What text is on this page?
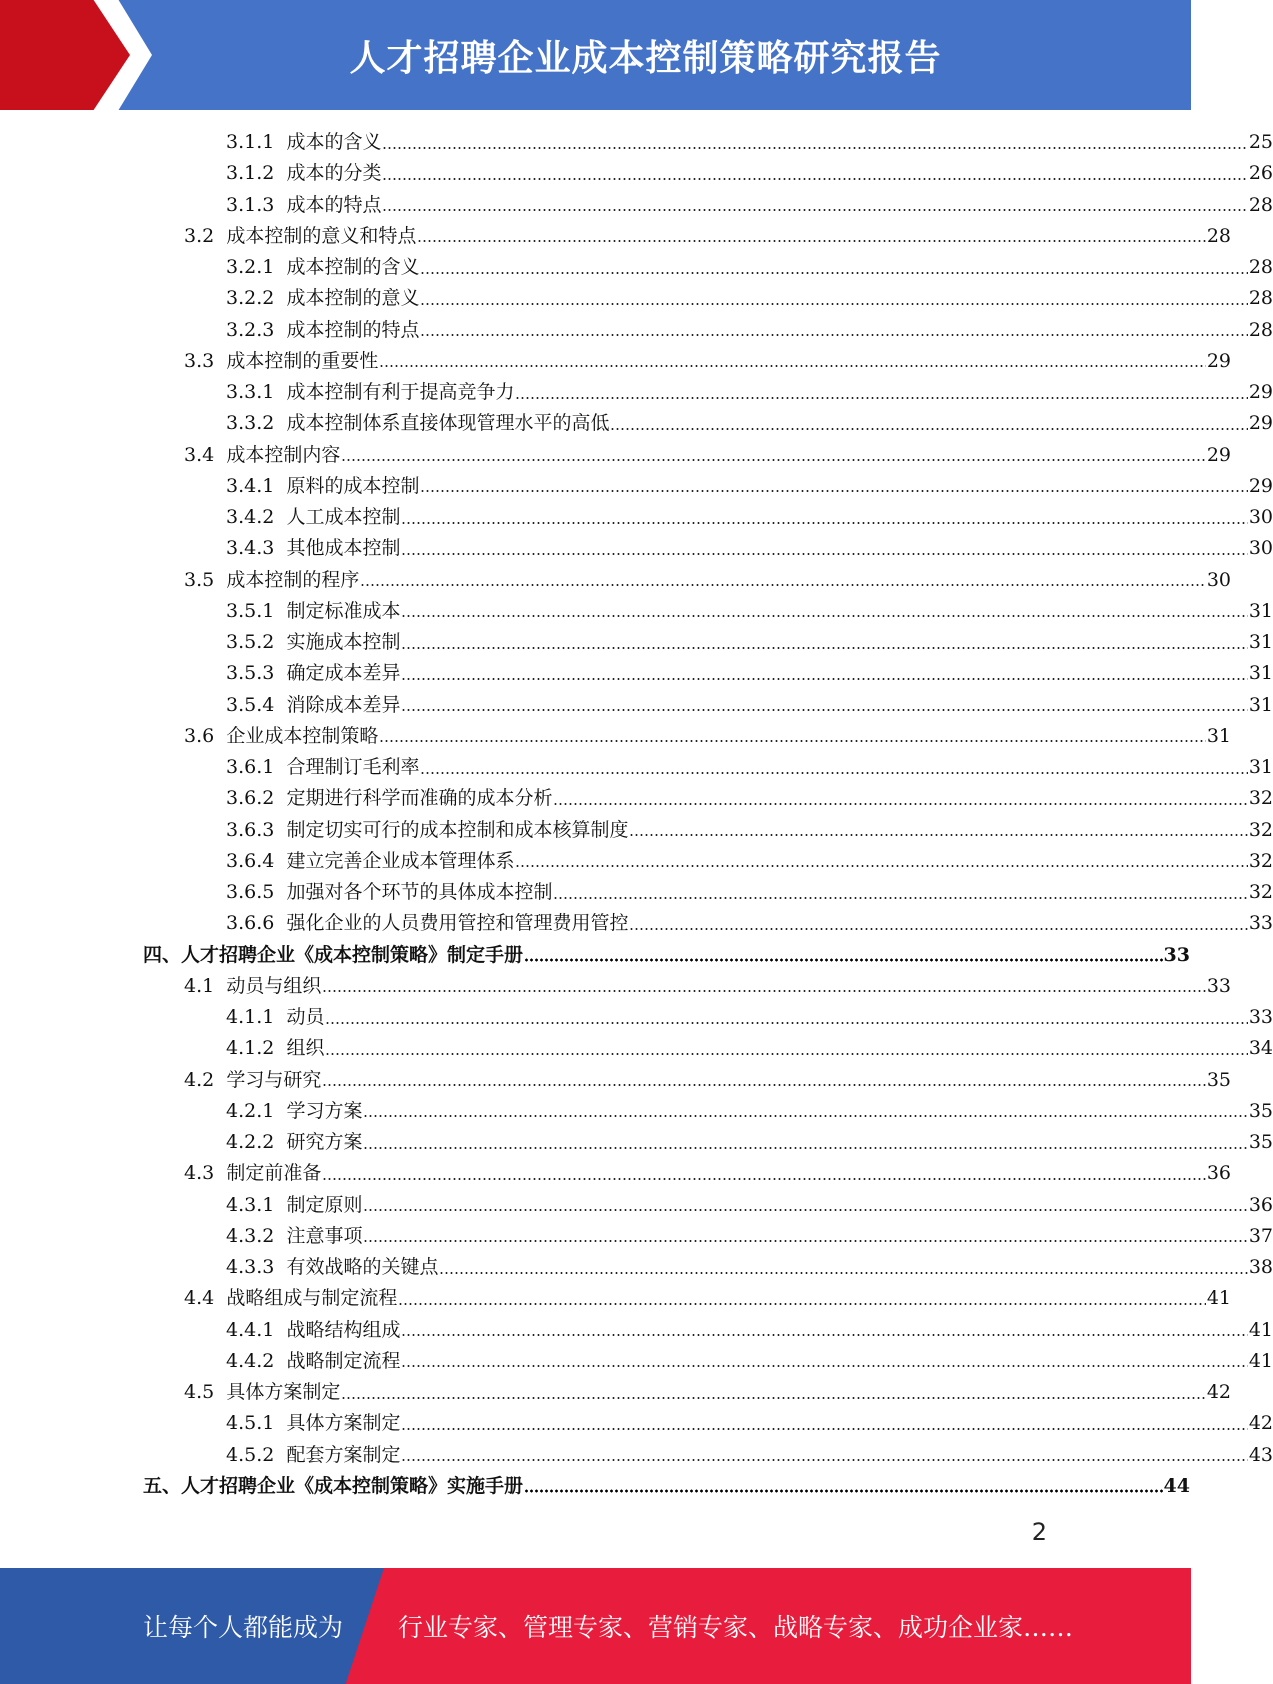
人才招聘企业成本控制策略研究报告
3.1.1 成本的含义	25
3.1.2 成本的分类	26
3.1.3 成本的特点	28
3.2 成本控制的意义和特点	28
3.2.1 成本控制的含义	28
3.2.2 成本控制的意义	28
3.2.3 成本控制的特点	28
3.3 成本控制的重要性	29
3.3.1 成本控制有利于提高竞争力	29
3.3.2 成本控制体系直接体现管理水平的高低	29
3.4 成本控制内容	29
3.4.1 原料的成本控制	29
3.4.2 人工成本控制	30
3.4.3 其他成本控制	30
3.5 成本控制的程序	30
3.5.1 制定标准成本	31
3.5.2 实施成本控制	31
3.5.3 确定成本差异	31
3.5.4 消除成本差异	31
3.6 企业成本控制策略	31
3.6.1 合理制订毛利率	31
3.6.2 定期进行科学而准确的成本分析	32
3.6.3 制定切实可行的成本控制和成本核算制度	32
3.6.4 建立完善企业成本管理体系	32
3.6.5 加强对各个环节的具体成本控制	32
3.6.6 强化企业的人员费用管控和管理费用管控	33
四、人才招聘企业《成本控制策略》制定手册	33
4.1 动员与组织	33
4.1.1 动员	33
4.1.2 组织	34
4.2 学习与研究	35
4.2.1 学习方案	35
4.2.2 研究方案	35
4.3 制定前准备	36
4.3.1 制定原则	36
4.3.2 注意事项	37
4.3.3 有效战略的关键点	38
4.4 战略组成与制定流程	41
4.4.1 战略结构组成	41
4.4.2 战略制定流程	41
4.5 具体方案制定	42
4.5.1 具体方案制定	42
4.5.2 配套方案制定	43
五、人才招聘企业《成本控制策略》实施手册	44
2
让每个人都能成为 行业专家、管理专家、营销专家、战略专家、成功企业家……
